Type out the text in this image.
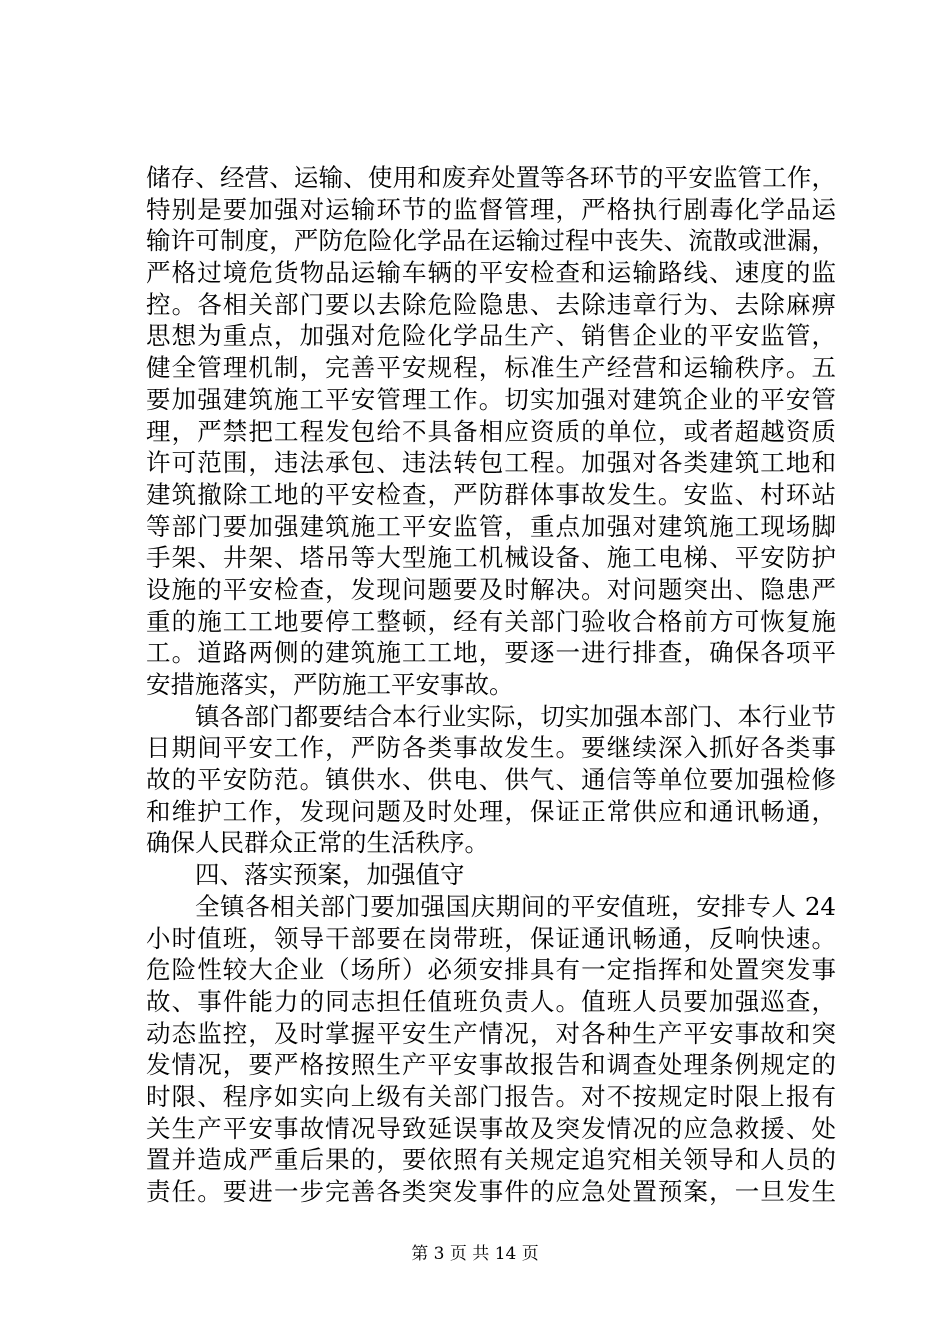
储存、经营、运输、使用和废弃处置等各环节的平安监管工作，
特别是要加强对运输环节的监督管理，严格执行剧毒化学品运
输许可制度，严防危险化学品在运输过程中丧失、流散或泄漏，
严格过境危货物品运输车辆的平安检查和运输路线、速度的监
控。各相关部门要以去除危险隐患、去除违章行为、去除麻痹
思想为重点，加强对危险化学品生产、销售企业的平安监管，
健全管理机制，完善平安规程，标准生产经营和运输秩序。五
要加强建筑施工平安管理工作。切实加强对建筑企业的平安管
理，严禁把工程发包给不具备相应资质的单位，或者超越资质
许可范围，违法承包、违法转包工程。加强对各类建筑工地和
建筑撤除工地的平安检查，严防群体事故发生。安监、村环站
等部门要加强建筑施工平安监管，重点加强对建筑施工现场脚
手架、井架、塔吊等大型施工机械设备、施工电梯、平安防护
设施的平安检查，发现问题要及时解决。对问题突出、隐患严
重的施工工地要停工整顿，经有关部门验收合格前方可恢复施
工。道路两侧的建筑施工工地，要逐一进行排查，确保各项平
安措施落实，严防施工平安事故。
镇各部门都要结合本行业实际，切实加强本部门、本行业节
日期间平安工作，严防各类事故发生。要继续深入抓好各类事
故的平安防范。镇供水、供电、供气、通信等单位要加强检修
和维护工作，发现问题及时处理，保证正常供应和通讯畅通，
确保人民群众正常的生活秩序。
四、落实预案，加强值守
全镇各相关部门要加强国庆期间的平安值班，安排专人 24
小时值班，领导干部要在岗带班，保证通讯畅通，反响快速。
危险性较大企业（场所）必须安排具有一定指挥和处置突发事
故、事件能力的同志担任值班负责人。值班人员要加强巡查，
动态监控，及时掌握平安生产情况，对各种生产平安事故和突
发情况，要严格按照生产平安事故报告和调查处理条例规定的
时限、程序如实向上级有关部门报告。对不按规定时限上报有
关生产平安事故情况导致延误事故及突发情况的应急救援、处
置并造成严重后果的，要依照有关规定追究相关领导和人员的
责任。要进一步完善各类突发事件的应急处置预案，一旦发生
第 3 页 共 14 页
